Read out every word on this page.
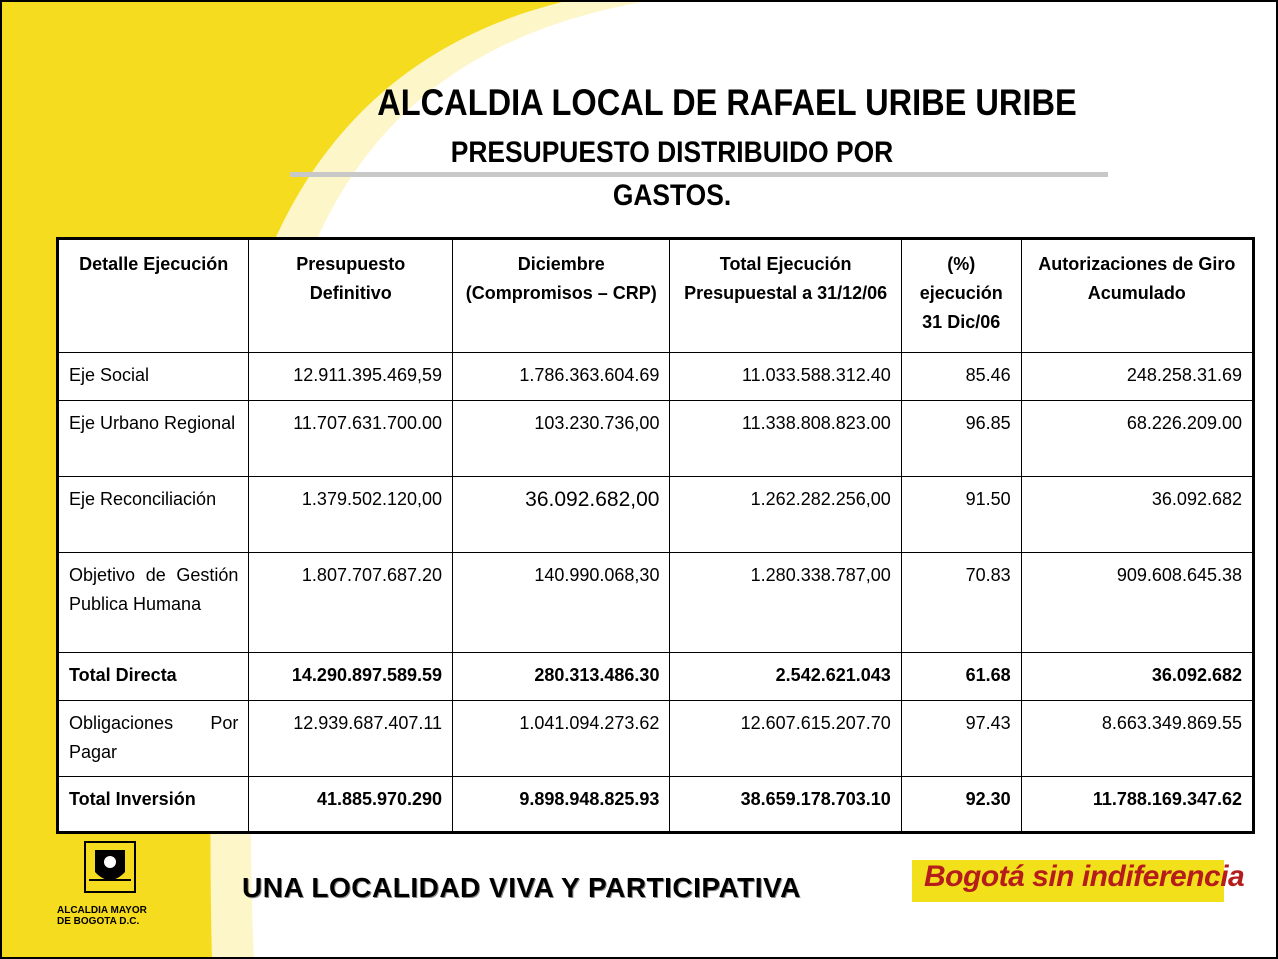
ALCALDIA LOCAL DE RAFAEL URIBE URIBE
PRESUPUESTO DISTRIBUIDO POR
GASTOS.
Detalle Ejecución	Presupuesto Definitivo	Diciembre (Compromisos – CRP)	Total Ejecución Presupuestal a 31/12/06	(%) ejecución 31 Dic/06	Autorizaciones de Giro Acumulado
Eje Social	12.911.395.469,59	1.786.363.604.69	11.033.588.312.40	85.46	248.258.31.69
Eje Urbano Regional	11.707.631.700.00	103.230.736,00	11.338.808.823.00	96.85	68.226.209.00
Eje Reconciliación	1.379.502.120,00	36.092.682,00	1.262.282.256,00	91.50	36.092.682
Objetivo de Gestión Publica Humana	1.807.707.687.20	140.990.068,30	1.280.338.787,00	70.83	909.608.645.38
Total Directa	14.290.897.589.59	280.313.486.30	2.542.621.043	61.68	36.092.682
Obligaciones Por Pagar	12.939.687.407.11	1.041.094.273.62	12.607.615.207.70	97.43	8.663.349.869.55
Total Inversión	41.885.970.290	9.898.948.825.93	38.659.178.703.10	92.30	11.788.169.347.62
ALCALDIA MAYOR
DE BOGOTA D.C.
UNA LOCALIDAD VIVA Y PARTICIPATIVA	Bogotá sin indiferencia
